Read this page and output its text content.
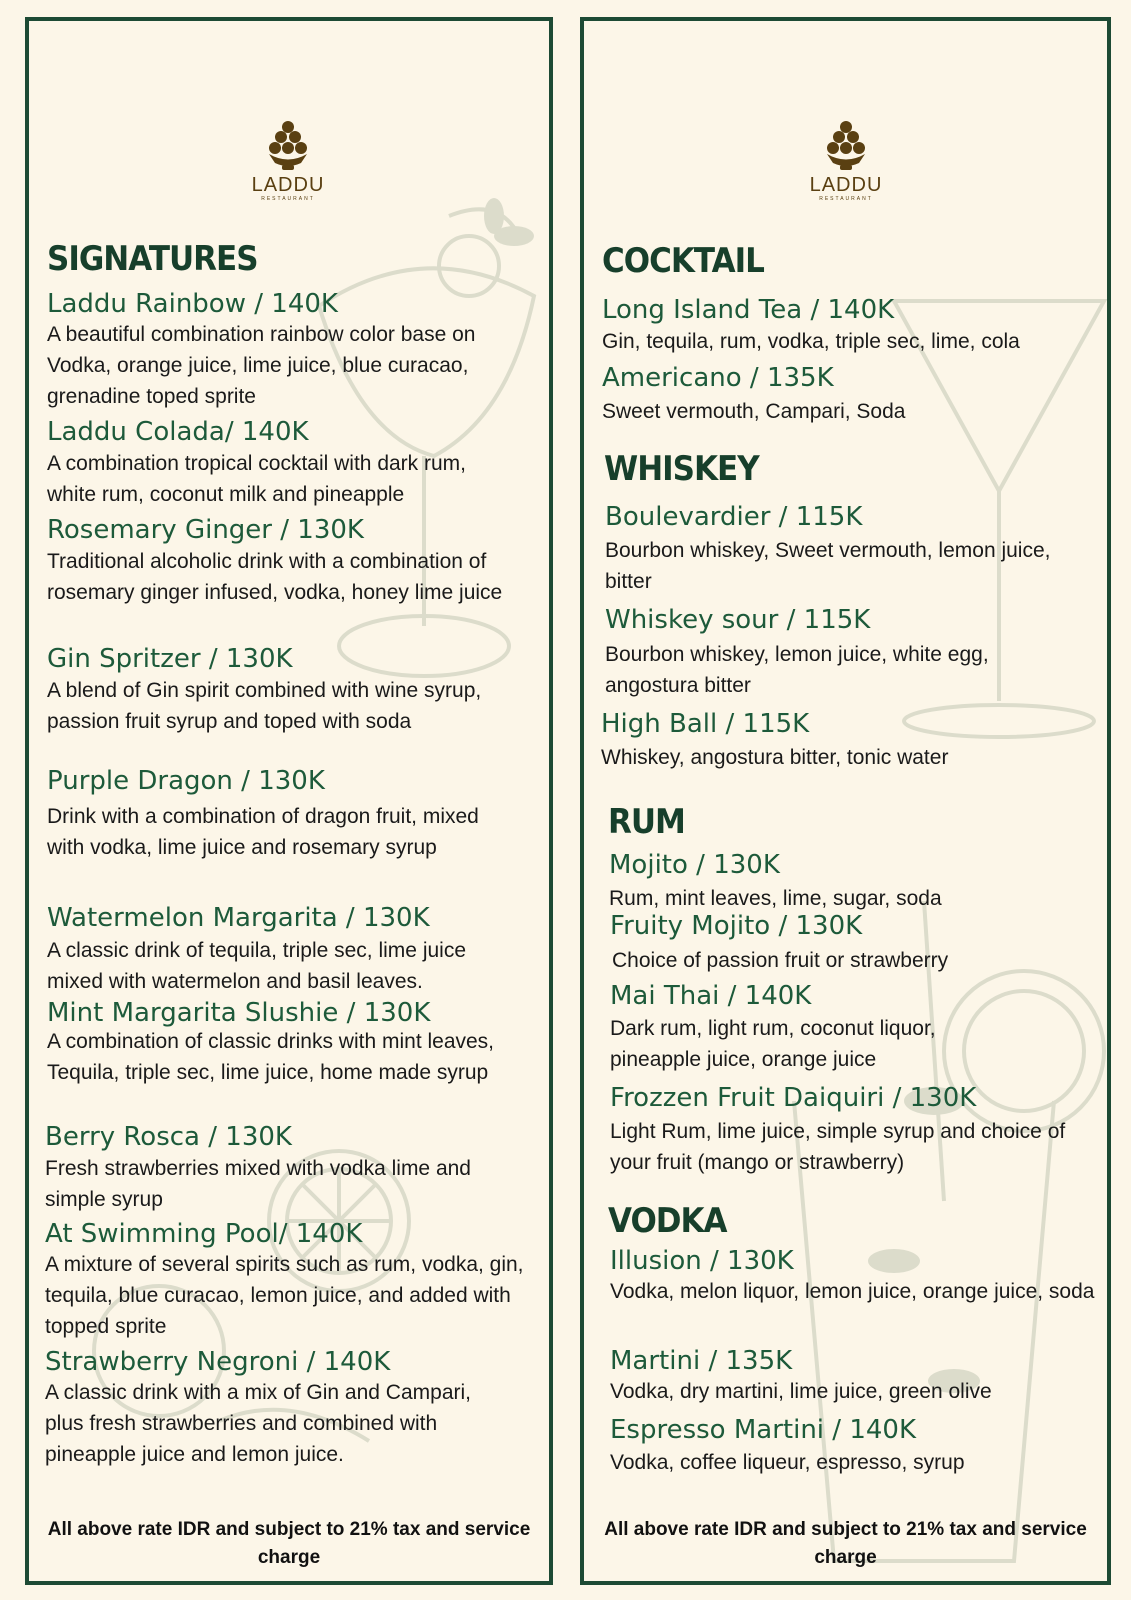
LADDU
RESTAURANT
SIGNATURES
Laddu Rainbow / 140K

A beautiful combination rainbow color base on Vodka, orange juice, lime juice, blue curacao, grenadine toped sprite

Laddu Colada/ 140K

A combination tropical cocktail with dark rum, white rum, coconut milk and pineapple

Rosemary Ginger / 130K

Traditional alcoholic drink with a combination of rosemary ginger infused, vodka, honey lime juice

Gin Spritzer / 130K

A blend of Gin spirit combined with wine syrup, passion fruit syrup and toped with soda

Purple Dragon / 130K

Drink with a combination of dragon fruit, mixed with vodka, lime juice and rosemary syrup

Watermelon Margarita / 130K

A classic drink of tequila, triple sec, lime juice mixed with watermelon and basil leaves.

Mint Margarita Slushie / 130K

A combination of classic drinks with mint leaves, Tequila, triple sec, lime juice, home made syrup

Berry Rosca / 130K

Fresh strawberries mixed with vodka lime and simple syrup

At Swimming Pool/ 140K

A mixture of several spirits such as rum, vodka, gin, tequila, blue curacao, lemon juice, and added with topped sprite

Strawberry Negroni / 140K

A classic drink with a mix of Gin and Campari, plus fresh strawberries and combined with pineapple juice and lemon juice.

All above rate IDR and subject to 21% tax and service charge
LADDU
RESTAURANT
COCKTAIL
Long Island Tea / 140K

Gin, tequila, rum, vodka, triple sec, lime, cola

Americano / 135K

Sweet vermouth, Campari, Soda

WHISKEY
Boulevardier / 115K

Bourbon whiskey, Sweet vermouth, lemon juice, bitter

Whiskey sour / 115K

Bourbon whiskey, lemon juice, white egg, angostura bitter

High Ball / 115K

Whiskey, angostura bitter, tonic water

RUM
Mojito / 130K

Rum, mint leaves, lime, sugar, soda

Fruity Mojito / 130K

Choice of passion fruit or strawberry

Mai Thai / 140K

Dark rum, light rum, coconut liquor, pineapple juice, orange juice

Frozzen Fruit Daiquiri / 130K

Light Rum, lime juice, simple syrup and choice of your fruit (mango or strawberry)

VODKA
Illusion / 130K

Vodka, melon liquor, lemon juice, orange juice, soda

Martini / 135K

Vodka, dry martini, lime juice, green olive

Espresso Martini / 140K

Vodka, coffee liqueur, espresso, syrup

All above rate IDR and subject to 21% tax and service charge
